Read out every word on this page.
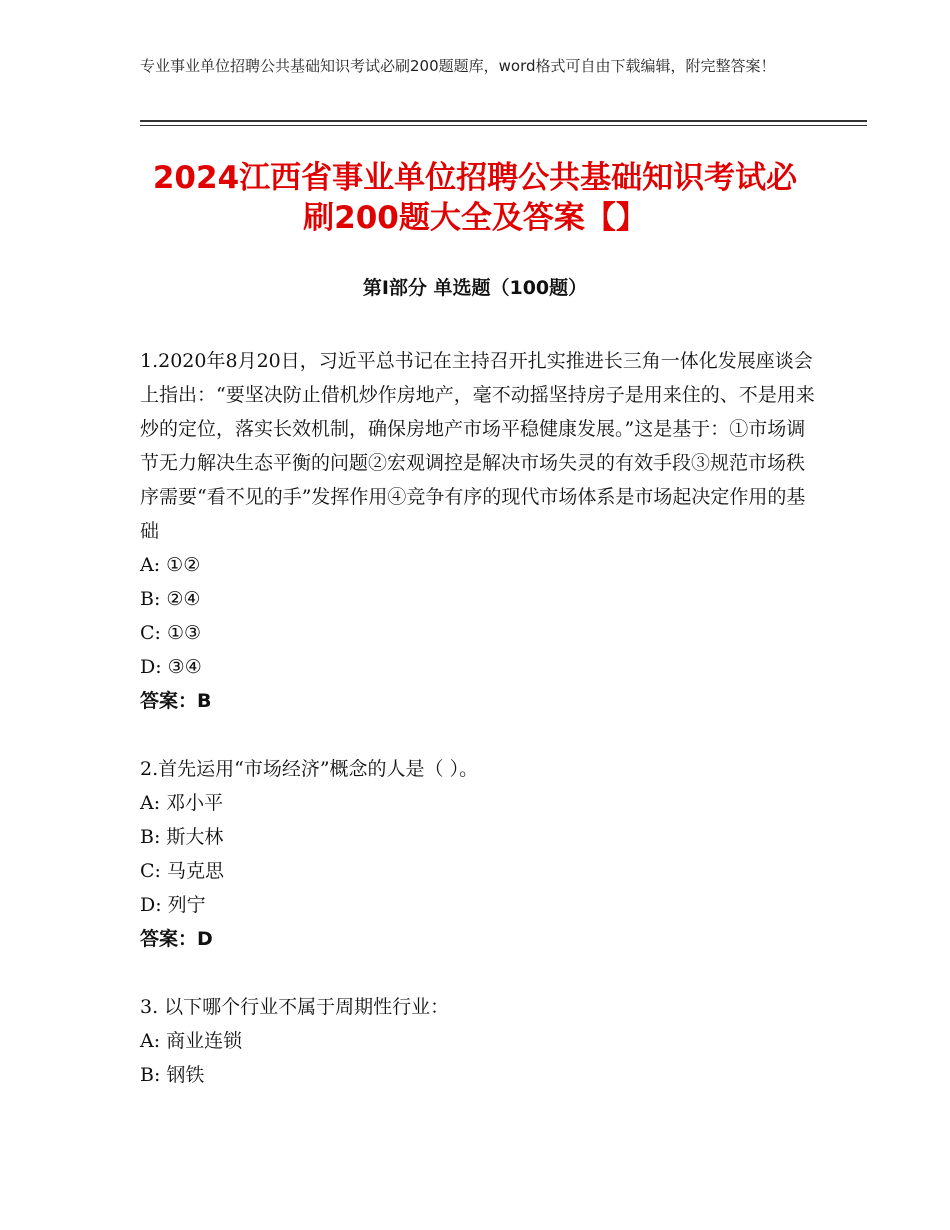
专业事业单位招聘公共基础知识考试必刷200题题库，word格式可自由下载编辑，附完整答案！
2024江西省事业单位招聘公共基础知识考试必刷200题大全及答案【】
第Ⅰ部分 单选题（100题）
1.2020年8月20日，习近平总书记在主持召开扎实推进长三角一体化发展座谈会上指出：“要坚决防止借机炒作房地产，毫不动摇坚持房子是用来住的、不是用来炒的定位，落实长效机制，确保房地产市场平稳健康发展。”这是基于：①市场调节无力解决生态平衡的问题②宏观调控是解决市场失灵的有效手段③规范市场秩序需要“看不见的手”发挥作用④竞争有序的现代市场体系是市场起决定作用的基础
A: ①②
B: ②④
C: ①③
D: ③④
答案：B
2.首先运用“市场经济”概念的人是（ ）。
A: 邓小平
B: 斯大林
C: 马克思
D: 列宁
答案：D
3. 以下哪个行业不属于周期性行业：
A: 商业连锁
B: 钢铁
